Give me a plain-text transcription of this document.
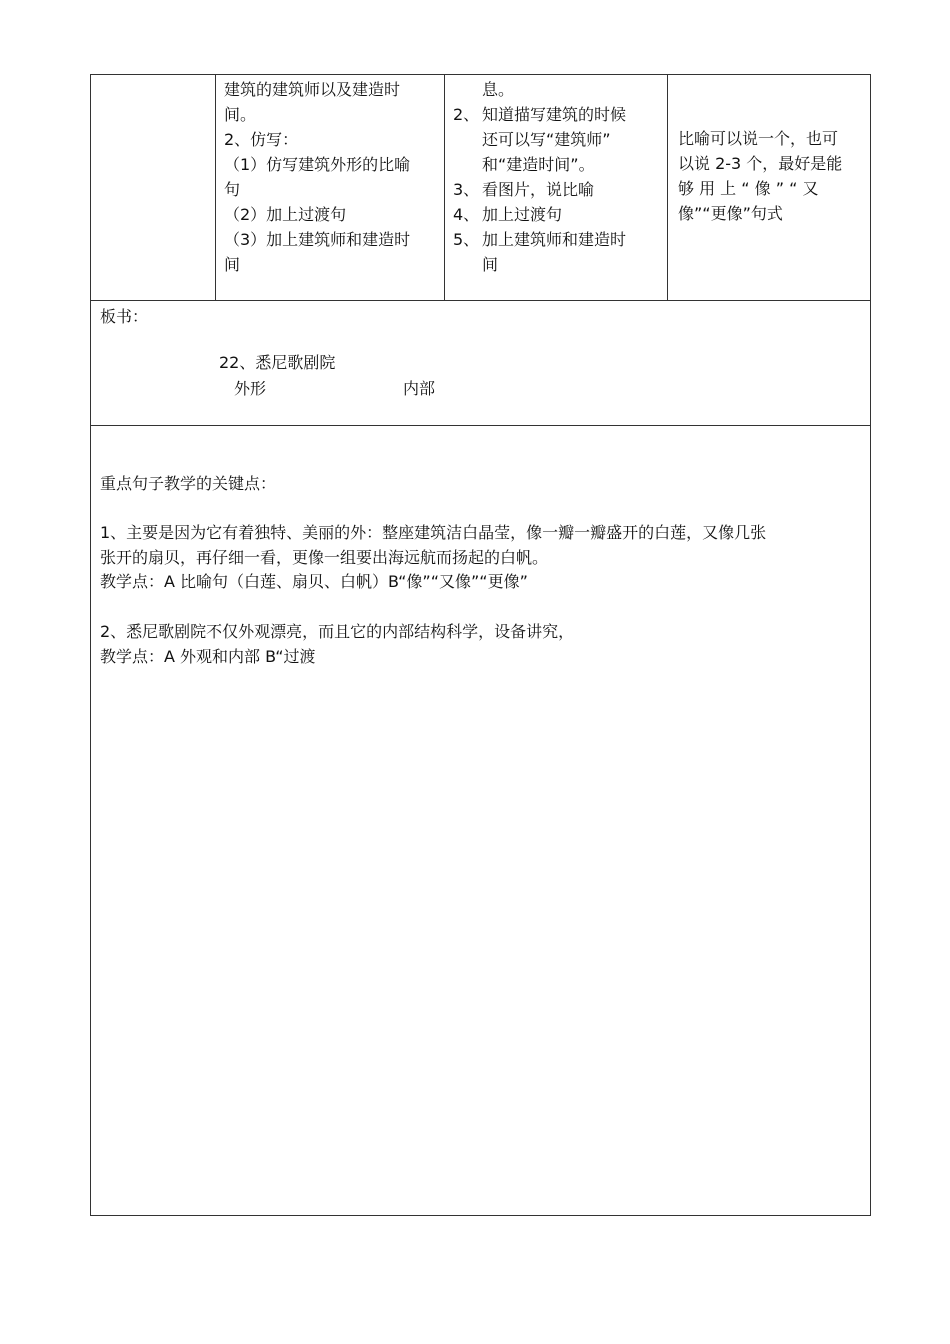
建筑的建筑师以及建造时
间。
2、仿写：
（1）仿写建筑外形的比喻
句
（2）加上过渡句
（3）加上建筑师和建造时
间
息。
2、 知道描写建筑的时候
还可以写“建筑师”
和“建造时间”。
3、 看图片，说比喻
4、 加上过渡句
5、 加上建筑师和建造时
间
比喻可以说一个，也可
以说 2-3 个，最好是能
够 用 上 “ 像 ” “ 又
像”“更像”句式
板书：
22、悉尼歌剧院
外形	内部
重点句子教学的关键点：
1、主要是因为它有着独特、美丽的外：整座建筑洁白晶莹，像一瓣一瓣盛开的白莲，又像几张
张开的扇贝，再仔细一看，更像一组要出海远航而扬起的白帆。
教学点：A 比喻句（白莲、扇贝、白帆）B“像”“又像”“更像”
2、悉尼歌剧院不仅外观漂亮，而且它的内部结构科学，设备讲究，
教学点：A 外观和内部 B“过渡
